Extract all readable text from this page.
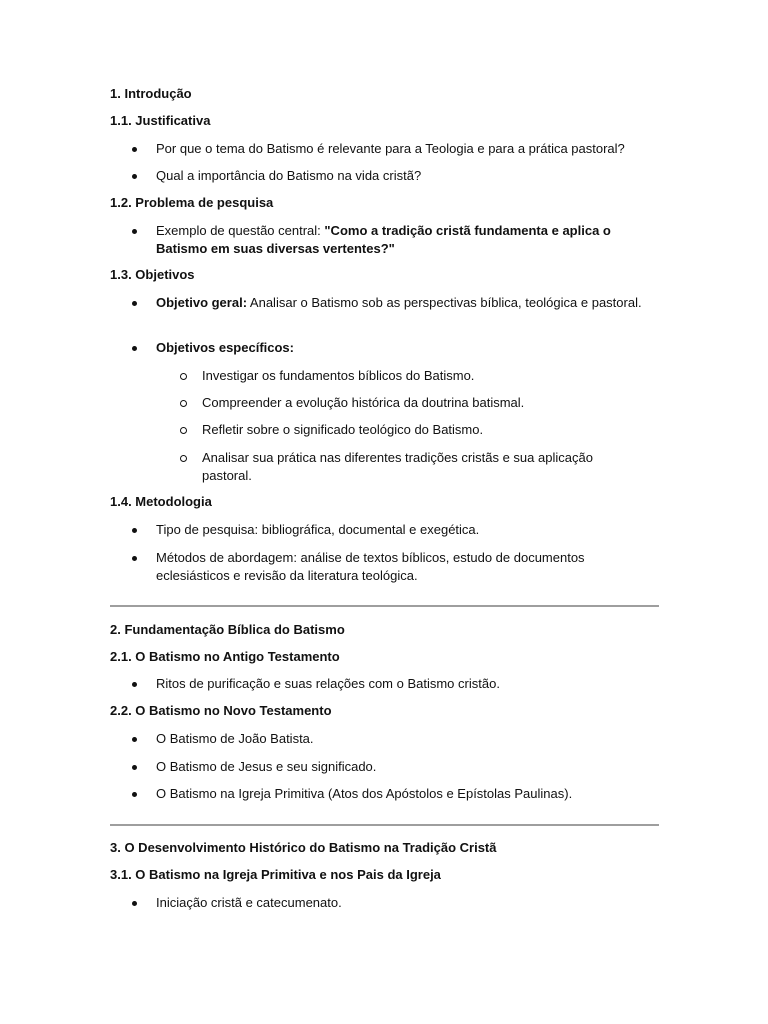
1. Introdução

1.1. Justificativa

Por que o tema do Batismo é relevante para a Teologia e para a prática pastoral?
Qual a importância do Batismo na vida cristã?

1.2. Problema de pesquisa

Exemplo de questão central: "Como a tradição cristã fundamenta e aplica o Batismo em suas diversas vertentes?"

1.3. Objetivos

Objetivo geral: Analisar o Batismo sob as perspectivas bíblica, teológica e pastoral.
Objetivos específicos:
Investigar os fundamentos bíblicos do Batismo.
Compreender a evolução histórica da doutrina batismal.
Refletir sobre o significado teológico do Batismo.
Analisar sua prática nas diferentes tradições cristãs e sua aplicação pastoral.

1.4. Metodologia

Tipo de pesquisa: bibliográfica, documental e exegética.
Métodos de abordagem: análise de textos bíblicos, estudo de documentos eclesiásticos e revisão da literatura teológica.

2. Fundamentação Bíblica do Batismo

2.1. O Batismo no Antigo Testamento

Ritos de purificação e suas relações com o Batismo cristão.

2.2. O Batismo no Novo Testamento

O Batismo de João Batista.
O Batismo de Jesus e seu significado.
O Batismo na Igreja Primitiva (Atos dos Apóstolos e Epístolas Paulinas).

3. O Desenvolvimento Histórico do Batismo na Tradição Cristã

3.1. O Batismo na Igreja Primitiva e nos Pais da Igreja

Iniciação cristã e catecumenato.
